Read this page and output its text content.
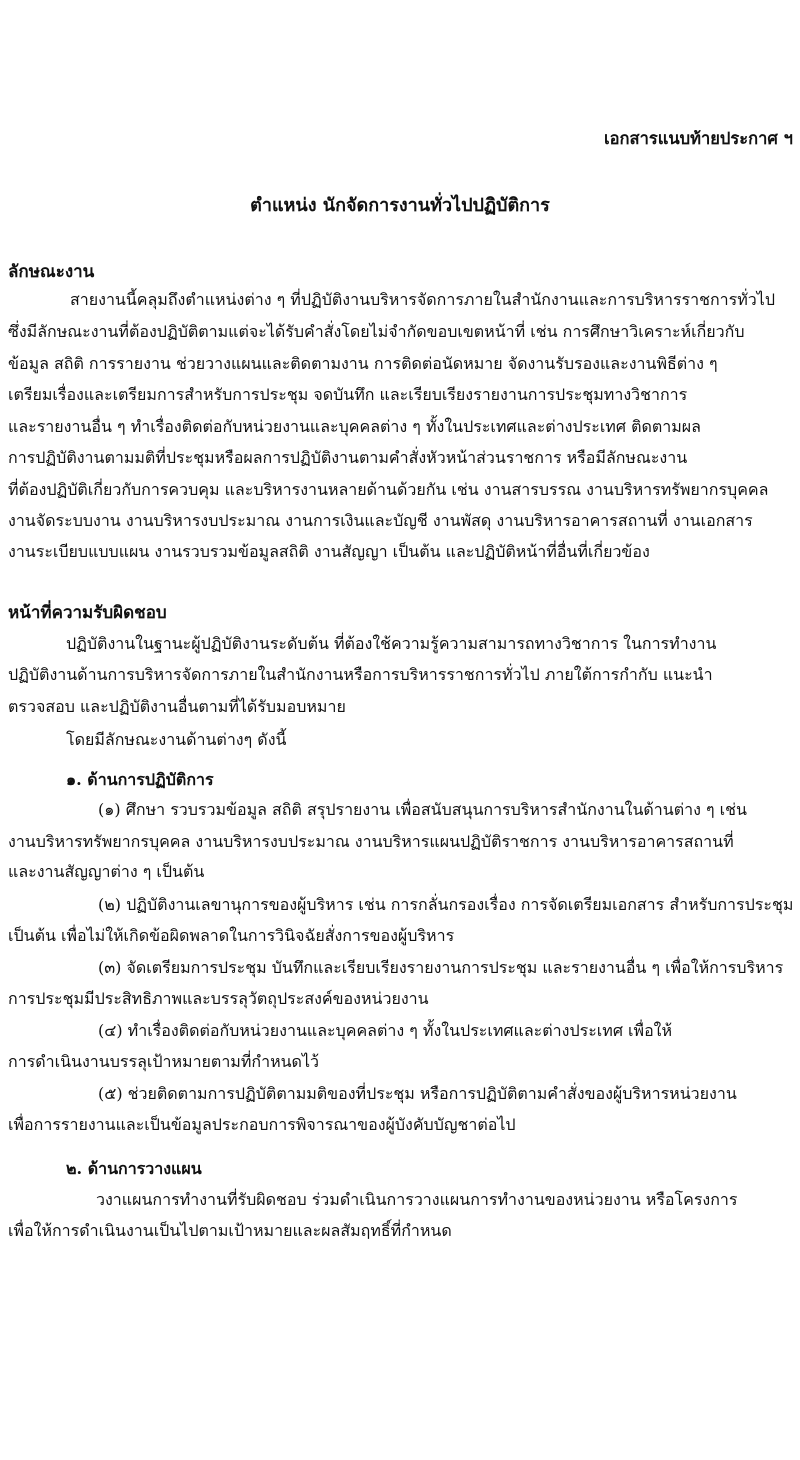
เอกสารแนบท้ายประกาศ ฯ
ตำแหน่ง นักจัดการงานทั่วไปปฏิบัติการ
ลักษณะงาน
สายงานนี้คลุมถึงตำแหน่งต่าง ๆ ที่ปฏิบัติงานบริหารจัดการภายในสำนักงานและการบริหารราชการทั่วไป
ซึ่งมีลักษณะงานที่ต้องปฏิบัติตามแต่จะได้รับคำสั่งโดยไม่จำกัดขอบเขตหน้าที่ เช่น การศึกษาวิเคราะห์เกี่ยวกับ
ข้อมูล สถิติ การรายงาน ช่วยวางแผนและติดตามงาน การติดต่อนัดหมาย จัดงานรับรองและงานพิธีต่าง ๆ
เตรียมเรื่องและเตรียมการสำหรับการประชุม จดบันทึก และเรียบเรียงรายงานการประชุมทางวิชาการ
และรายงานอื่น ๆ ทำเรื่องติดต่อกับหน่วยงานและบุคคลต่าง ๆ ทั้งในประเทศและต่างประเทศ ติดตามผล
การปฏิบัติงานตามมติที่ประชุมหรือผลการปฏิบัติงานตามคำสั่งหัวหน้าส่วนราชการ หรือมีลักษณะงาน
ที่ต้องปฏิบัติเกี่ยวกับการควบคุม และบริหารงานหลายด้านด้วยกัน เช่น งานสารบรรณ งานบริหารทรัพยากรบุคคล
งานจัดระบบงาน งานบริหารงบประมาณ งานการเงินและบัญชี งานพัสดุ งานบริหารอาคารสถานที่ งานเอกสาร
งานระเบียบแบบแผน งานรวบรวมข้อมูลสถิติ งานสัญญา เป็นต้น และปฏิบัติหน้าที่อื่นที่เกี่ยวข้อง
หน้าที่ความรับผิดชอบ
ปฏิบัติงานในฐานะผู้ปฏิบัติงานระดับต้น ที่ต้องใช้ความรู้ความสามารถทางวิชาการ ในการทำงาน
ปฏิบัติงานด้านการบริหารจัดการภายในสำนักงานหรือการบริหารราชการทั่วไป ภายใต้การกำกับ แนะนำ
ตรวจสอบ และปฏิบัติงานอื่นตามที่ได้รับมอบหมาย
โดยมีลักษณะงานด้านต่างๆ ดังนี้
๑. ด้านการปฏิบัติการ
(๑) ศึกษา รวบรวมข้อมูล สถิติ สรุปรายงาน เพื่อสนับสนุนการบริหารสำนักงานในด้านต่าง ๆ เช่น
งานบริหารทรัพยากรบุคคล งานบริหารงบประมาณ งานบริหารแผนปฏิบัติราชการ งานบริหารอาคารสถานที่
และงานสัญญาต่าง ๆ เป็นต้น
(๒) ปฏิบัติงานเลขานุการของผู้บริหาร เช่น การกลั่นกรองเรื่อง การจัดเตรียมเอกสาร สำหรับการประชุม
เป็นต้น เพื่อไม่ให้เกิดข้อผิดพลาดในการวินิจฉัยสั่งการของผู้บริหาร
(๓) จัดเตรียมการประชุม บันทึกและเรียบเรียงรายงานการประชุม และรายงานอื่น ๆ เพื่อให้การบริหาร
การประชุมมีประสิทธิภาพและบรรลุวัตถุประสงค์ของหน่วยงาน
(๔) ทำเรื่องติดต่อกับหน่วยงานและบุคคลต่าง ๆ ทั้งในประเทศและต่างประเทศ เพื่อให้
การดำเนินงานบรรลุเป้าหมายตามที่กำหนดไว้
(๕) ช่วยติดตามการปฏิบัติตามมติของที่ประชุม หรือการปฏิบัติตามคำสั่งของผู้บริหารหน่วยงาน
เพื่อการรายงานและเป็นข้อมูลประกอบการพิจารณาของผู้บังคับบัญชาต่อไป
๒. ด้านการวางแผน
วงาแผนการทำงานที่รับผิดชอบ ร่วมดำเนินการวางแผนการทำงานของหน่วยงาน หรือโครงการ
เพื่อให้การดำเนินงานเป็นไปตามเป้าหมายและผลสัมฤทธิ์ที่กำหนด
